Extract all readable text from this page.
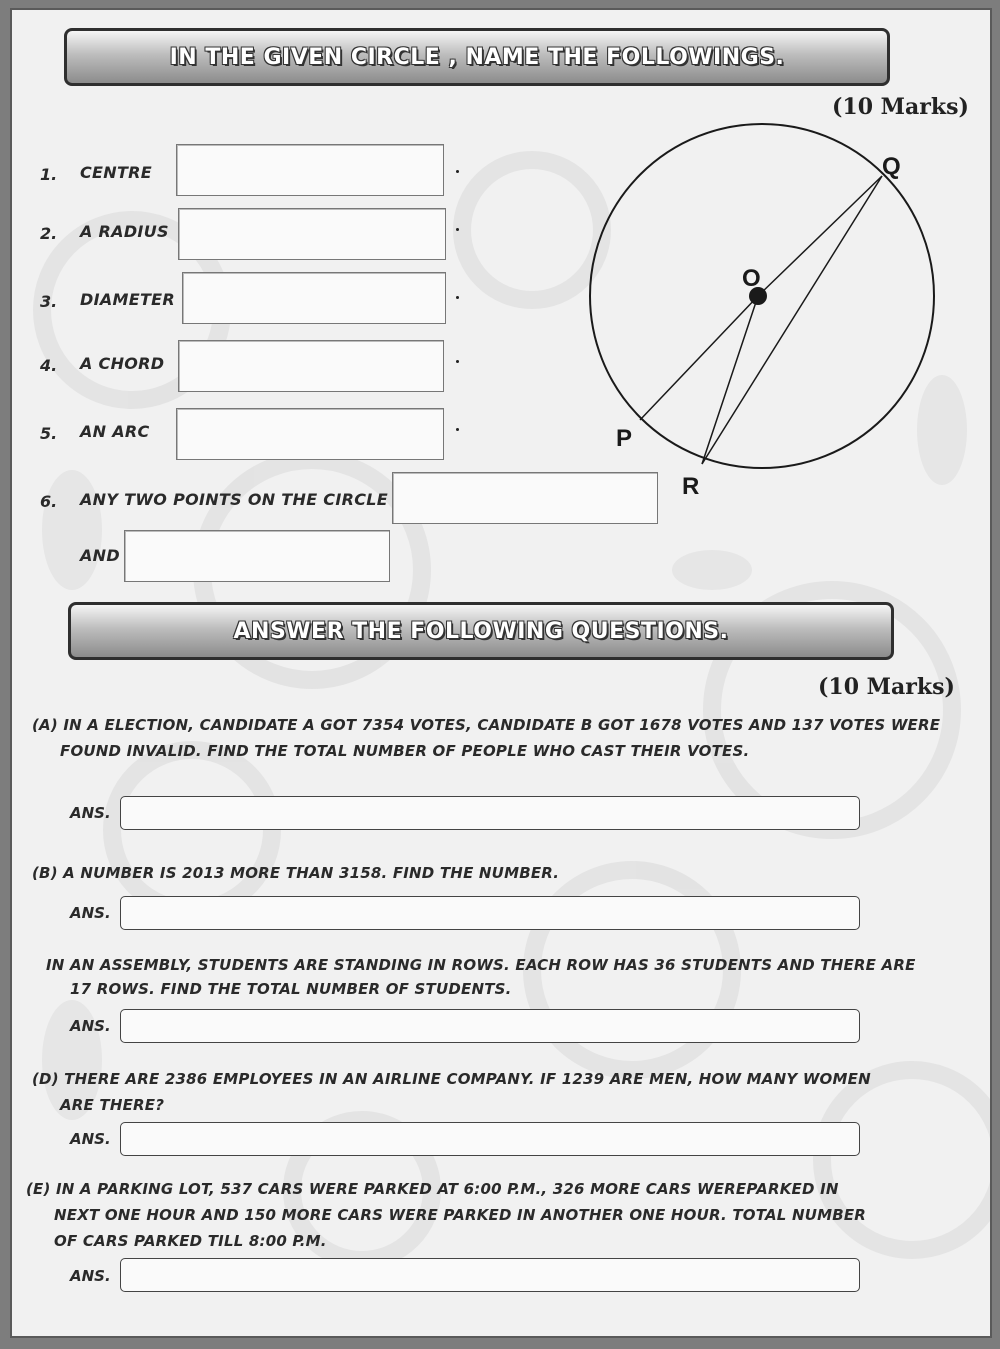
IN THE GIVEN CIRCLE , NAME THE FOLLOWINGS.
(10 Marks)
1. CENTRE
2. A RADIUS
3. DIAMETER
4. A CHORD
5. AN ARC
6. ANY TWO POINTS ON THE CIRCLE
AND
O
Q
P
R
ANSWER THE FOLLOWING QUESTIONS.
(10 Marks)
(A) IN A ELECTION, CANDIDATE A GOT 7354 VOTES, CANDIDATE B GOT 1678 VOTES AND 137 VOTES WERE
FOUND INVALID. FIND THE TOTAL NUMBER OF PEOPLE WHO CAST THEIR VOTES.
ANS.
(B) A NUMBER IS 2013 MORE THAN 3158. FIND THE NUMBER.
ANS.
IN AN ASSEMBLY, STUDENTS ARE STANDING IN ROWS. EACH ROW HAS 36 STUDENTS AND THERE ARE
17 ROWS. FIND THE TOTAL NUMBER OF STUDENTS.
ANS.
(D) THERE ARE 2386 EMPLOYEES IN AN AIRLINE COMPANY. IF 1239 ARE MEN, HOW MANY WOMEN
ARE THERE?
ANS.
(E) IN A PARKING LOT, 537 CARS WERE PARKED AT 6:00 P.M., 326 MORE CARS WEREPARKED IN
NEXT ONE HOUR AND 150 MORE CARS WERE PARKED IN ANOTHER ONE HOUR. TOTAL NUMBER
OF CARS PARKED TILL 8:00 P.M.
ANS.
